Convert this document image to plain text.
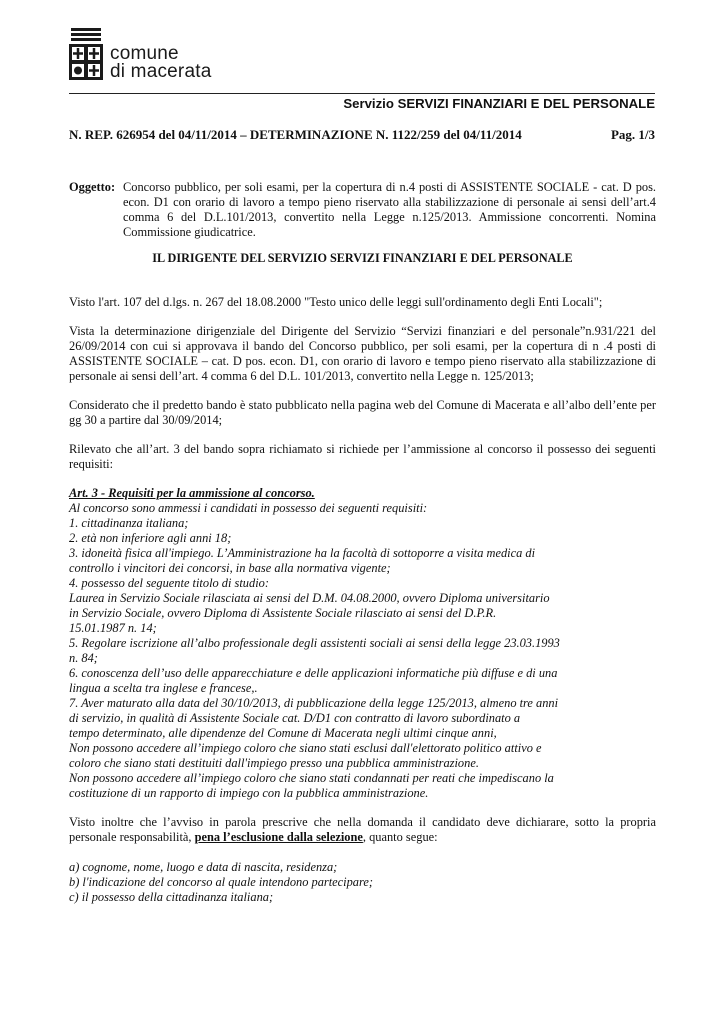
comune
di macerata
Servizio SERVIZI FINANZIARI E DEL PERSONALE
N. REP. 626954 del 04/11/2014 – DETERMINAZIONE N. 1122/259 del 04/11/2014	Pag. 1/3
Oggetto: Concorso pubblico, per soli esami, per la copertura di n.4 posti di ASSISTENTE SOCIALE - cat. D pos. econ. D1 con orario di lavoro a tempo pieno riservato alla stabilizzazione di personale ai sensi dell’art.4 comma 6 del D.L.101/2013, convertito nella Legge n.125/2013. Ammissione concorrenti. Nomina Commissione giudicatrice.
IL DIRIGENTE DEL SERVIZIO SERVIZI FINANZIARI E DEL PERSONALE

Visto l'art. 107 del d.lgs. n. 267 del 18.08.2000 "Testo unico delle leggi sull'ordinamento degli Enti Locali";

Vista la determinazione dirigenziale del Dirigente del Servizio “Servizi finanziari e del personale”n.931/221 del 26/09/2014 con cui si approvava il bando del Concorso pubblico, per soli esami, per la copertura di n .4 posti di ASSISTENTE SOCIALE – cat. D pos. econ. D1, con orario di lavoro e tempo pieno riservato alla stabilizzazione di personale ai sensi dell’art. 4 comma 6 del D.L. 101/2013, convertito nella Legge n. 125/2013;

Considerato che il predetto bando è stato pubblicato nella pagina web del Comune di Macerata e all’albo dell’ente per gg 30 a partire dal 30/09/2014;

Rilevato che all’art. 3 del bando sopra richiamato si richiede per l’ammissione al concorso il possesso dei seguenti requisiti:

Art. 3 - Requisiti per la ammissione al concorso.
Al concorso sono ammessi i candidati in possesso dei seguenti requisiti:
1. cittadinanza italiana;
2. età non inferiore agli anni 18;
3. idoneità fisica all'impiego. L’Amministrazione ha la facoltà di sottoporre a visita medica di
controllo i vincitori dei concorsi, in base alla normativa vigente;
4. possesso del seguente titolo di studio:
Laurea in Servizio Sociale rilasciata ai sensi del D.M. 04.08.2000, ovvero Diploma universitario
in Servizio Sociale, ovvero Diploma di Assistente Sociale rilasciato ai sensi del D.P.R.
15.01.1987 n. 14;
5. Regolare iscrizione all’albo professionale degli assistenti sociali ai sensi della legge 23.03.1993
n. 84;
6. conoscenza dell’uso delle apparecchiature e delle applicazioni informatiche più diffuse e di una
lingua a scelta tra inglese e francese,.
7. Aver maturato alla data del 30/10/2013, di pubblicazione della legge 125/2013, almeno tre anni
di servizio, in qualità di Assistente Sociale cat. D/D1 con contratto di lavoro subordinato a
tempo determinato, alle dipendenze del Comune di Macerata negli ultimi cinque anni,
Non possono accedere all’impiego coloro che siano stati esclusi dall'elettorato politico attivo e
coloro che siano stati destituiti dall'impiego presso una pubblica amministrazione.
Non possono accedere all’impiego coloro che siano stati condannati per reati che impediscano la
costituzione di un rapporto di impiego con la pubblica amministrazione.

Visto inoltre che l’avviso in parola prescrive che nella domanda il candidato deve dichiarare, sotto la propria personale responsabilità, pena l’esclusione dalla selezione, quanto segue:

a) cognome, nome, luogo e data di nascita, residenza;
b) l'indicazione del concorso al quale intendono partecipare;
c) il possesso della cittadinanza italiana;
